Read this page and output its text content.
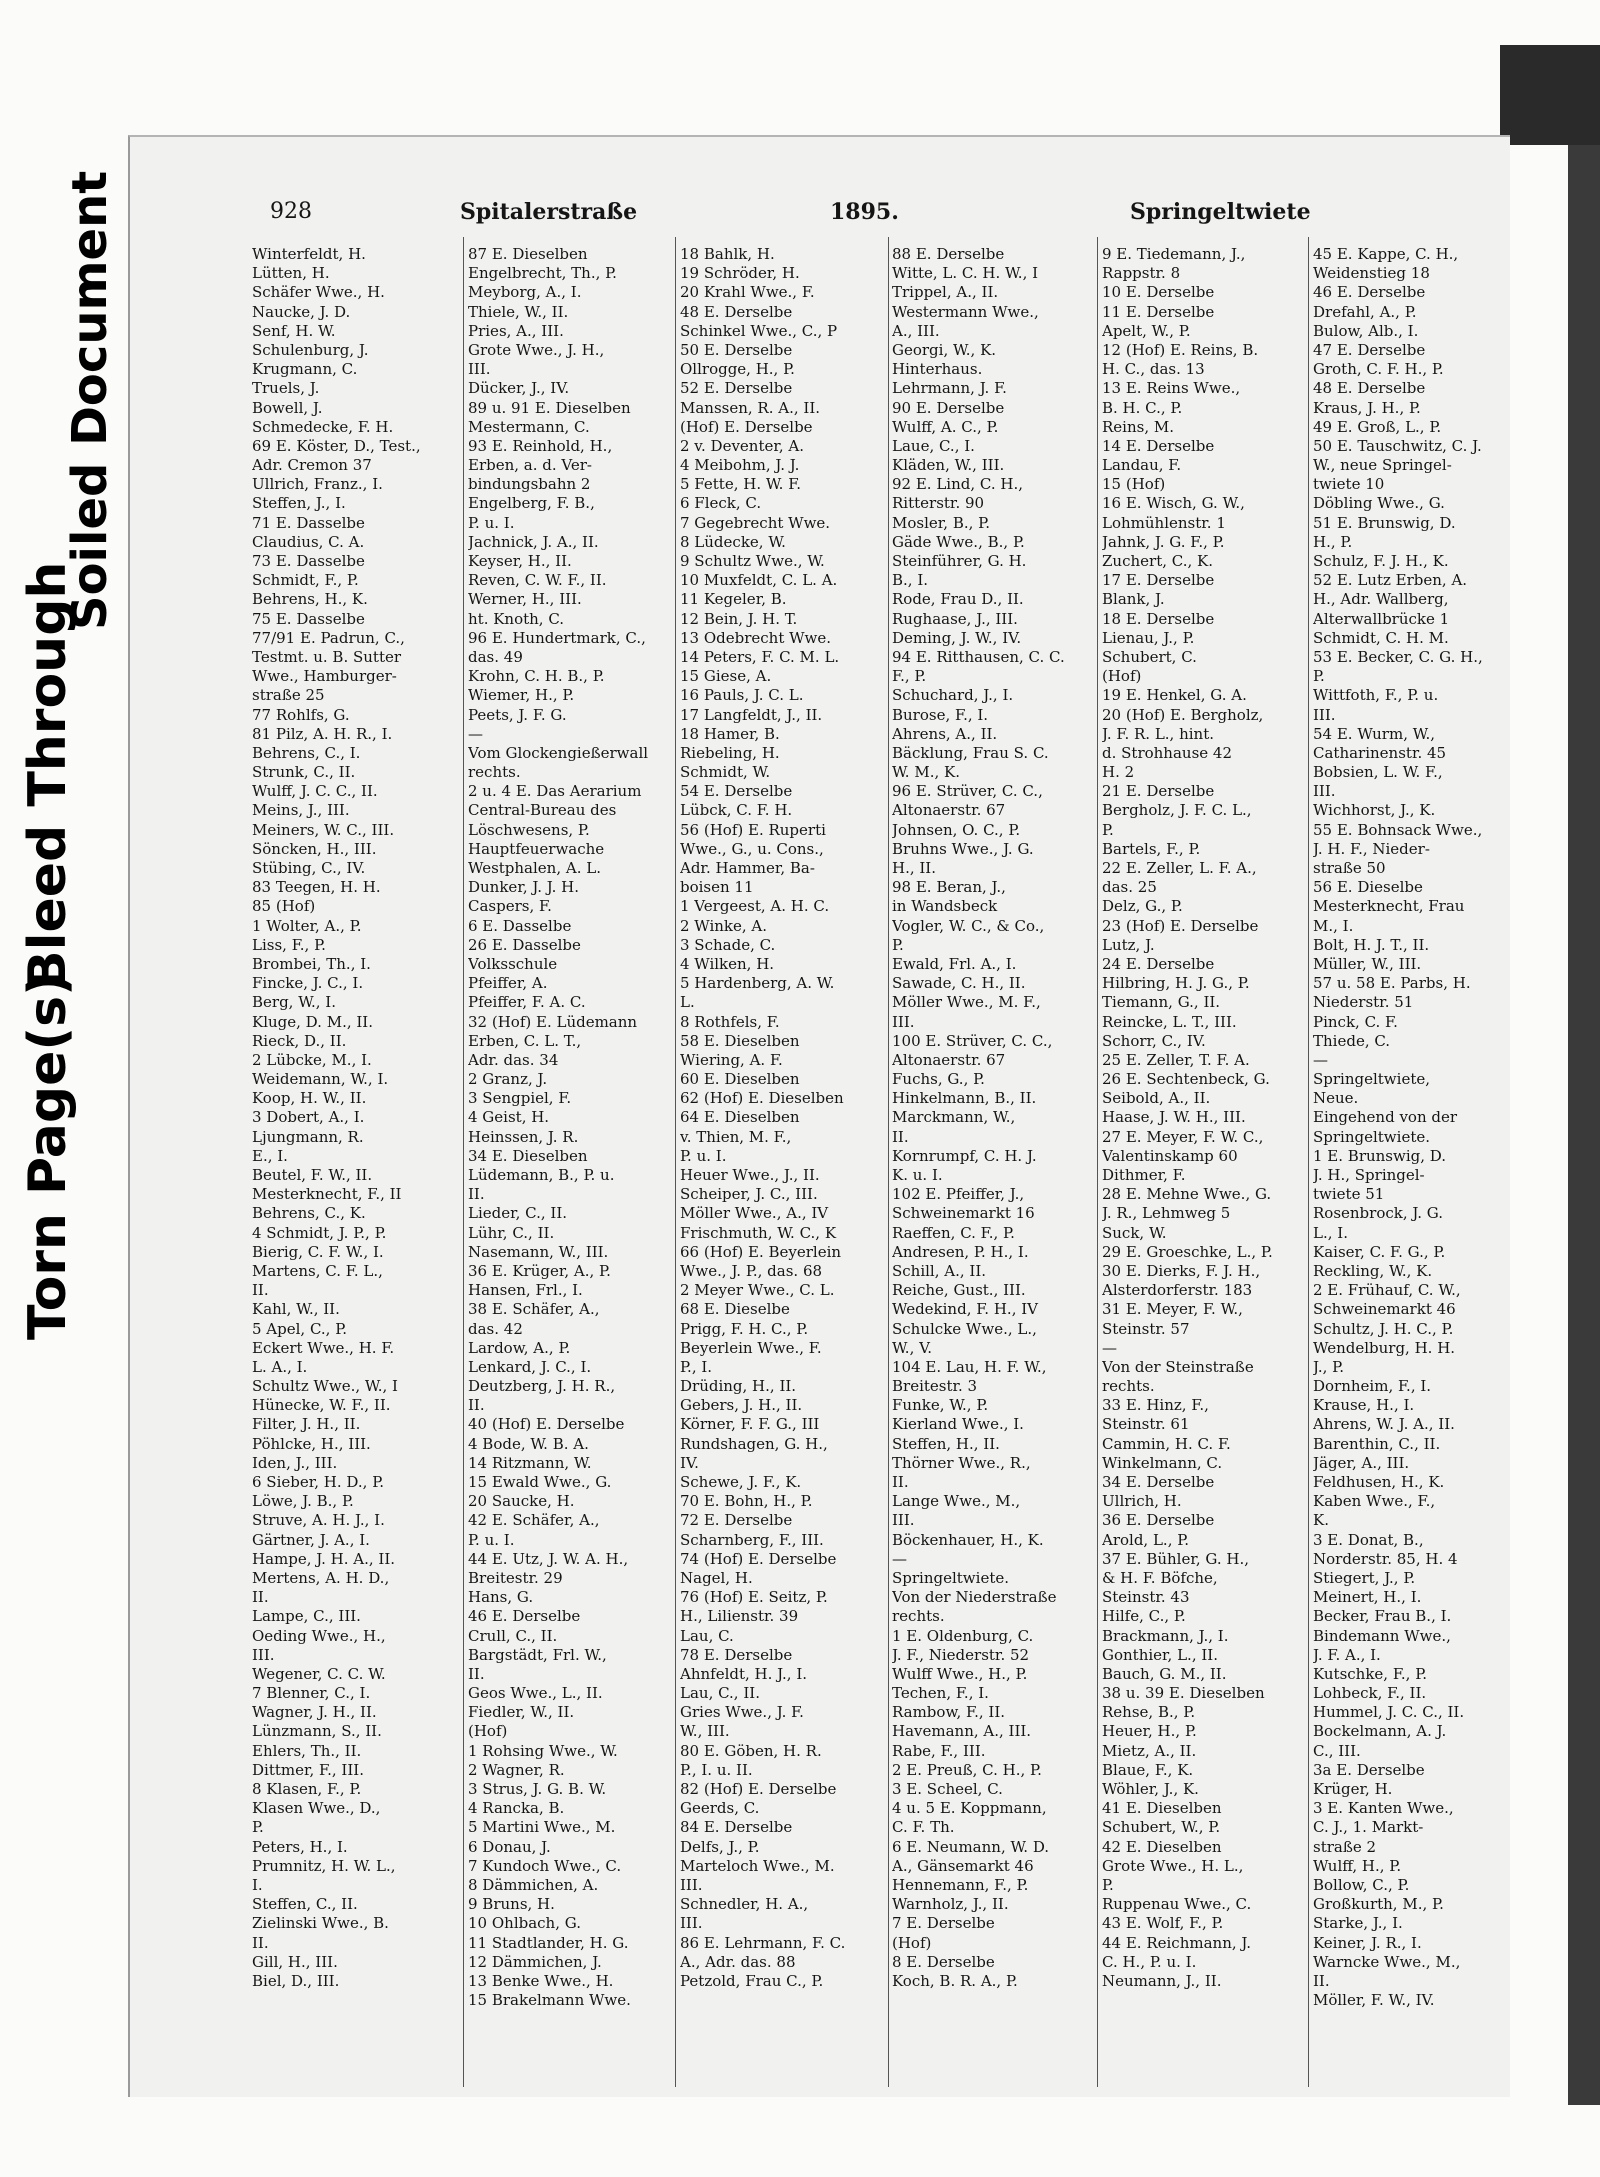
Torn Page(s)
Bleed Through
Soiled Document	928	Spitalerstraße	1895.	Springeltwiete
Winterfeldt, H.
Lütten, H.
Schäfer Wwe., H.
Naucke, J. D.
Senf, H. W.
Schulenburg, J.
Krugmann, C.
Truels, J.
Bowell, J.
Schmedecke, F. H.
69 E. Köster, D., Test.,
Adr. Cremon 37
Ullrich, Franz., I.
Steffen, J., I.
71 E. Dasselbe
Claudius, C. A.
73 E. Dasselbe
Schmidt, F., P.
Behrens, H., K.
75 E. Dasselbe
77/91 E. Padrun, C.,
Testmt. u. B. Sutter
Wwe., Hamburger-
straße 25
77 Rohlfs, G.
81 Pilz, A. H. R., I.
Behrens, C., I.
Strunk, C., II.
Wulff, J. C. C., II.
Meins, J., III.
Meiners, W. C., III.
Söncken, H., III.
Stübing, C., IV.
83 Teegen, H. H.
85 (Hof)
1 Wolter, A., P.
Liss, F., P.
Brombei, Th., I.
Fincke, J. C., I.
Berg, W., I.
Kluge, D. M., II.
Rieck, D., II.
2 Lübcke, M., I.
Weidemann, W., I.
Koop, H. W., II.
3 Dobert, A., I.
Ljungmann, R.
E., I.
Beutel, F. W., II.
Mesterknecht, F., II
Behrens, C., K.
4 Schmidt, J. P., P.
Bierig, C. F. W., I.
Martens, C. F. L.,
II.
Kahl, W., II.
5 Apel, C., P.
Eckert Wwe., H. F.
L. A., I.
Schultz Wwe., W., I
Hünecke, W. F., II.
Filter, J. H., II.
Pöhlcke, H., III.
Iden, J., III.
6 Sieber, H. D., P.
Löwe, J. B., P.
Struve, A. H. J., I.
Gärtner, J. A., I.
Hampe, J. H. A., II.
Mertens, A. H. D.,
II.
Lampe, C., III.
Oeding Wwe., H.,
III.
Wegener, C. C. W.
7 Blenner, C., I.
Wagner, J. H., II.
Lünzmann, S., II.
Ehlers, Th., II.
Dittmer, F., III.
8 Klasen, F., P.
Klasen Wwe., D.,
P.
Peters, H., I.
Prumnitz, H. W. L.,
I.
Steffen, C., II.
Zielinski Wwe., B.
II.
Gill, H., III.
Biel, D., III.
87 E. Dieselben
Engelbrecht, Th., P.
Meyborg, A., I.
Thiele, W., II.
Pries, A., III.
Grote Wwe., J. H.,
III.
Dücker, J., IV.
89 u. 91 E. Dieselben
Mestermann, C.
93 E. Reinhold, H.,
Erben, a. d. Ver-
bindungsbahn 2
Engelberg, F. B.,
P. u. I.
Jachnick, J. A., II.
Keyser, H., II.
Reven, C. W. F., II.
Werner, H., III.
ht. Knoth, C.
96 E. Hundertmark, C.,
das. 49
Krohn, C. H. B., P.
Wiemer, H., P.
Peets, J. F. G.
—
Vom Glockengießerwall
rechts.
2 u. 4 E. Das Aerarium
Central-Bureau des
Löschwesens, P.
Hauptfeuerwache
Westphalen, A. L.
Dunker, J. J. H.
Caspers, F.
6 E. Dasselbe
26 E. Dasselbe
Volksschule
Pfeiffer, A.
Pfeiffer, F. A. C.
32 (Hof) E. Lüdemann
Erben, C. L. T.,
Adr. das. 34
2 Granz, J.
3 Sengpiel, F.
4 Geist, H.
Heinssen, J. R.
34 E. Dieselben
Lüdemann, B., P. u.
II.
Lieder, C., II.
Lühr, C., II.
Nasemann, W., III.
36 E. Krüger, A., P.
Hansen, Frl., I.
38 E. Schäfer, A.,
das. 42
Lardow, A., P.
Lenkard, J. C., I.
Deutzberg, J. H. R.,
II.
40 (Hof) E. Derselbe
4 Bode, W. B. A.
14 Ritzmann, W.
15 Ewald Wwe., G.
20 Saucke, H.
42 E. Schäfer, A.,
P. u. I.
44 E. Utz, J. W. A. H.,
Breitestr. 29
Hans, G.
46 E. Derselbe
Crull, C., II.
Bargstädt, Frl. W.,
II.
Geos Wwe., L., II.
Fiedler, W., II.
(Hof)
1 Rohsing Wwe., W.
2 Wagner, R.
3 Strus, J. G. B. W.
4 Rancka, B.
5 Martini Wwe., M.
6 Donau, J.
7 Kundoch Wwe., C.
8 Dämmichen, A.
9 Bruns, H.
10 Ohlbach, G.
11 Stadtlander, H. G.
12 Dämmichen, J.
13 Benke Wwe., H.
15 Brakelmann Wwe.
18 Bahlk, H.
19 Schröder, H.
20 Krahl Wwe., F.
48 E. Derselbe
Schinkel Wwe., C., P
50 E. Derselbe
Ollrogge, H., P.
52 E. Derselbe
Manssen, R. A., II.
(Hof) E. Derselbe
2 v. Deventer, A.
4 Meibohm, J. J.
5 Fette, H. W. F.
6 Fleck, C.
7 Gegebrecht Wwe.
8 Lüdecke, W.
9 Schultz Wwe., W.
10 Muxfeldt, C. L. A.
11 Kegeler, B.
12 Bein, J. H. T.
13 Odebrecht Wwe.
14 Peters, F. C. M. L.
15 Giese, A.
16 Pauls, J. C. L.
17 Langfeldt, J., II.
18 Hamer, B.
Riebeling, H.
Schmidt, W.
54 E. Derselbe
Lübck, C. F. H.
56 (Hof) E. Ruperti
Wwe., G., u. Cons.,
Adr. Hammer, Ba-
boisen 11
1 Vergeest, A. H. C.
2 Winke, A.
3 Schade, C.
4 Wilken, H.
5 Hardenberg, A. W.
L.
8 Rothfels, F.
58 E. Dieselben
Wiering, A. F.
60 E. Dieselben
62 (Hof) E. Dieselben
64 E. Dieselben
v. Thien, M. F.,
P. u. I.
Heuer Wwe., J., II.
Scheiper, J. C., III.
Möller Wwe., A., IV
Frischmuth, W. C., K
66 (Hof) E. Beyerlein
Wwe., J. P., das. 68
2 Meyer Wwe., C. L.
68 E. Dieselbe
Prigg, F. H. C., P.
Beyerlein Wwe., F.
P., I.
Drüding, H., II.
Gebers, J. H., II.
Körner, F. F. G., III
Rundshagen, G. H.,
IV.
Schewe, J. F., K.
70 E. Bohn, H., P.
72 E. Derselbe
Scharnberg, F., III.
74 (Hof) E. Derselbe
Nagel, H.
76 (Hof) E. Seitz, P.
H., Lilienstr. 39
Lau, C.
78 E. Derselbe
Ahnfeldt, H. J., I.
Lau, C., II.
Gries Wwe., J. F.
W., III.
80 E. Göben, H. R.
P., I. u. II.
82 (Hof) E. Derselbe
Geerds, C.
84 E. Derselbe
Delfs, J., P.
Marteloch Wwe., M.
III.
Schnedler, H. A.,
III.
86 E. Lehrmann, F. C.
A., Adr. das. 88
Petzold, Frau C., P.
88 E. Derselbe
Witte, L. C. H. W., I
Trippel, A., II.
Westermann Wwe.,
A., III.
Georgi, W., K.
Hinterhaus.
Lehrmann, J. F.
90 E. Derselbe
Wulff, A. C., P.
Laue, C., I.
Kläden, W., III.
92 E. Lind, C. H.,
Ritterstr. 90
Mosler, B., P.
Gäde Wwe., B., P.
Steinführer, G. H.
B., I.
Rode, Frau D., II.
Rughaase, J., III.
Deming, J. W., IV.
94 E. Ritthausen, C. C.
F., P.
Schuchard, J., I.
Burose, F., I.
Ahrens, A., II.
Bäcklung, Frau S. C.
W. M., K.
96 E. Strüver, C. C.,
Altonaerstr. 67
Johnsen, O. C., P.
Bruhns Wwe., J. G.
H., II.
98 E. Beran, J.,
in Wandsbeck
Vogler, W. C., & Co.,
P.
Ewald, Frl. A., I.
Sawade, C. H., II.
Möller Wwe., M. F.,
III.
100 E. Strüver, C. C.,
Altonaerstr. 67
Fuchs, G., P.
Hinkelmann, B., II.
Marckmann, W.,
II.
Kornrumpf, C. H. J.
K. u. I.
102 E. Pfeiffer, J.,
Schweinemarkt 16
Raeffen, C. F., P.
Andresen, P. H., I.
Schill, A., II.
Reiche, Gust., III.
Wedekind, F. H., IV
Schulcke Wwe., L.,
W., V.
104 E. Lau, H. F. W.,
Breitestr. 3
Funke, W., P.
Kierland Wwe., I.
Steffen, H., II.
Thörner Wwe., R.,
II.
Lange Wwe., M.,
III.
Böckenhauer, H., K.
—
Springeltwiete.
Von der Niederstraße
rechts.
1 E. Oldenburg, C.
J. F., Niederstr. 52
Wulff Wwe., H., P.
Techen, F., I.
Rambow, F., II.
Havemann, A., III.
Rabe, F., III.
2 E. Preuß, C. H., P.
3 E. Scheel, C.
4 u. 5 E. Koppmann,
C. F. Th.
6 E. Neumann, W. D.
A., Gänsemarkt 46
Hennemann, F., P.
Warnholz, J., II.
7 E. Derselbe
(Hof)
8 E. Derselbe
Koch, B. R. A., P.
9 E. Tiedemann, J.,
Rappstr. 8
10 E. Derselbe
11 E. Derselbe
Apelt, W., P.
12 (Hof) E. Reins, B.
H. C., das. 13
13 E. Reins Wwe.,
B. H. C., P.
Reins, M.
14 E. Derselbe
Landau, F.
15 (Hof)
16 E. Wisch, G. W.,
Lohmühlenstr. 1
Jahnk, J. G. F., P.
Zuchert, C., K.
17 E. Derselbe
Blank, J.
18 E. Derselbe
Lienau, J., P.
Schubert, C.
(Hof)
19 E. Henkel, G. A.
20 (Hof) E. Bergholz,
J. F. R. L., hint.
d. Strohhause 42
H. 2
21 E. Derselbe
Bergholz, J. F. C. L.,
P.
Bartels, F., P.
22 E. Zeller, L. F. A.,
das. 25
Delz, G., P.
23 (Hof) E. Derselbe
Lutz, J.
24 E. Derselbe
Hilbring, H. J. G., P.
Tiemann, G., II.
Reincke, L. T., III.
Schorr, C., IV.
25 E. Zeller, T. F. A.
26 E. Sechtenbeck, G.
Seibold, A., II.
Haase, J. W. H., III.
27 E. Meyer, F. W. C.,
Valentinskamp 60
Dithmer, F.
28 E. Mehne Wwe., G.
J. R., Lehmweg 5
Suck, W.
29 E. Groeschke, L., P.
30 E. Dierks, F. J. H.,
Alsterdorferstr. 183
31 E. Meyer, F. W.,
Steinstr. 57
—
Von der Steinstraße
rechts.
33 E. Hinz, F.,
Steinstr. 61
Cammin, H. C. F.
Winkelmann, C.
34 E. Derselbe
Ullrich, H.
36 E. Derselbe
Arold, L., P.
37 E. Bühler, G. H.,
& H. F. Böfche,
Steinstr. 43
Hilfe, C., P.
Brackmann, J., I.
Gonthier, L., II.
Bauch, G. M., II.
38 u. 39 E. Dieselben
Rehse, B., P.
Heuer, H., P.
Mietz, A., II.
Blaue, F., K.
Wöhler, J., K.
41 E. Dieselben
Schubert, W., P.
42 E. Dieselben
Grote Wwe., H. L.,
P.
Ruppenau Wwe., C.
43 E. Wolf, F., P.
44 E. Reichmann, J.
C. H., P. u. I.
Neumann, J., II.
45 E. Kappe, C. H.,
Weidenstieg 18
46 E. Derselbe
Drefahl, A., P.
Bulow, Alb., I.
47 E. Derselbe
Groth, C. F. H., P.
48 E. Derselbe
Kraus, J. H., P.
49 E. Groß, L., P.
50 E. Tauschwitz, C. J.
W., neue Springel-
twiete 10
Döbling Wwe., G.
51 E. Brunswig, D.
H., P.
Schulz, F. J. H., K.
52 E. Lutz Erben, A.
H., Adr. Wallberg,
Alterwallbrücke 1
Schmidt, C. H. M.
53 E. Becker, C. G. H.,
P.
Wittfoth, F., P. u.
III.
54 E. Wurm, W.,
Catharinenstr. 45
Bobsien, L. W. F.,
III.
Wichhorst, J., K.
55 E. Bohnsack Wwe.,
J. H. F., Nieder-
straße 50
56 E. Dieselbe
Mesterknecht, Frau
M., I.
Bolt, H. J. T., II.
Müller, W., III.
57 u. 58 E. Parbs, H.
Niederstr. 51
Pinck, C. F.
Thiede, C.
—
Springeltwiete,
Neue.
Eingehend von der
Springeltwiete.
1 E. Brunswig, D.
J. H., Springel-
twiete 51
Rosenbrock, J. G.
L., I.
Kaiser, C. F. G., P.
Reckling, W., K.
2 E. Frühauf, C. W.,
Schweinemarkt 46
Schultz, J. H. C., P.
Wendelburg, H. H.
J., P.
Dornheim, F., I.
Krause, H., I.
Ahrens, W. J. A., II.
Barenthin, C., II.
Jäger, A., III.
Feldhusen, H., K.
Kaben Wwe., F.,
K.
3 E. Donat, B.,
Norderstr. 85, H. 4
Stiegert, J., P.
Meinert, H., I.
Becker, Frau B., I.
Bindemann Wwe.,
J. F. A., I.
Kutschke, F., P.
Lohbeck, F., II.
Hummel, J. C. C., II.
Bockelmann, A. J.
C., III.
3a E. Derselbe
Krüger, H.
3 E. Kanten Wwe.,
C. J., 1. Markt-
straße 2
Wulff, H., P.
Bollow, C., P.
Großkurth, M., P.
Starke, J., I.
Keiner, J. R., I.
Warncke Wwe., M.,
II.
Möller, F. W., IV.
